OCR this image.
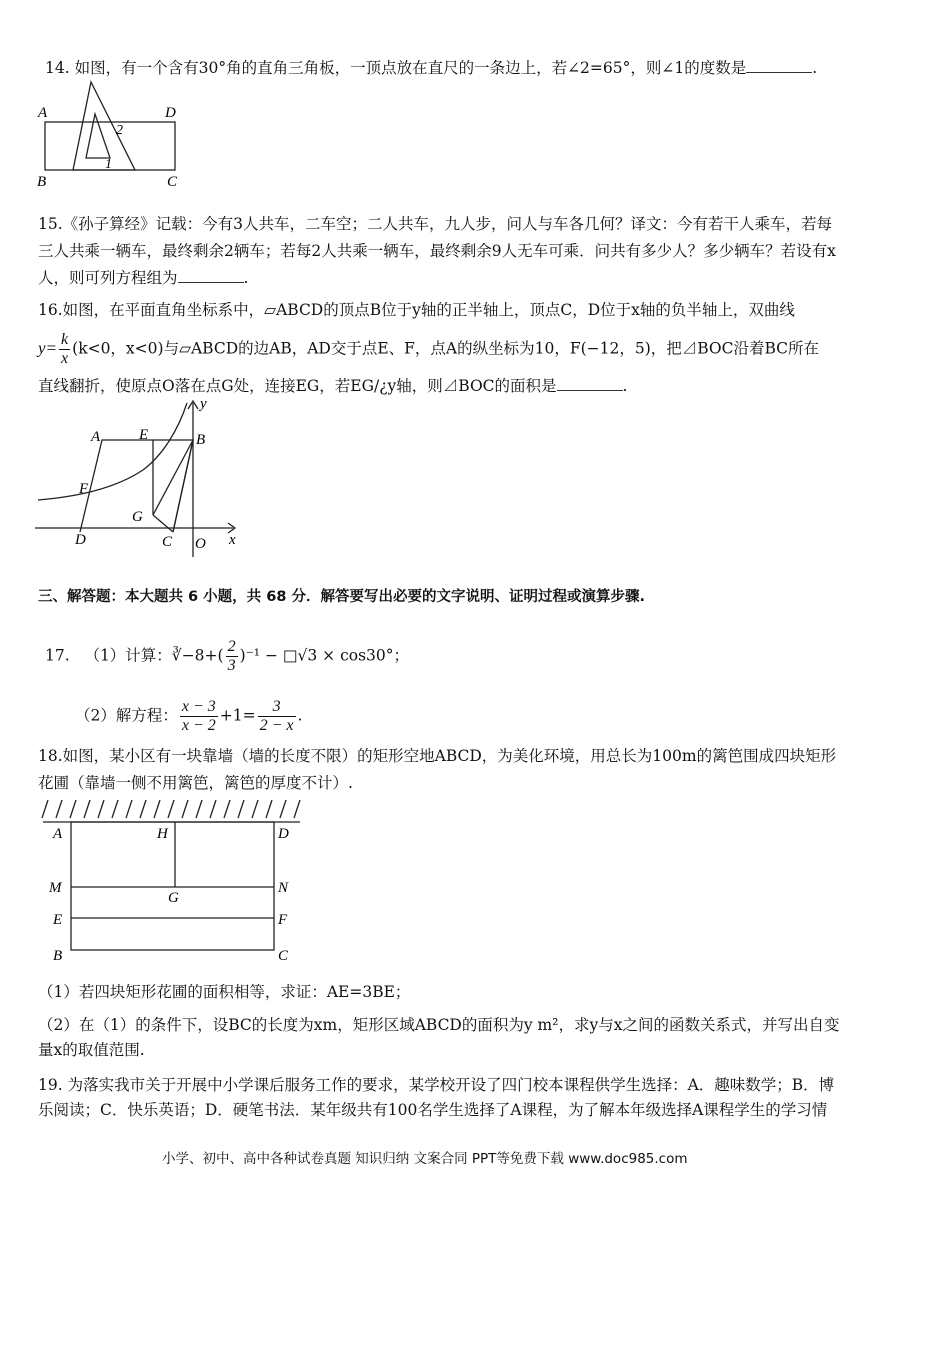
14. 如图，有一个含有30°角的直角三角板，一顶点放在直尺的一条边上，若∠2=65°，则∠1的度数是	.
A	D
B	C
2
1
15.《孙子算经》记载：今有3人共车，二车空；二人共车，九人步，问人与车各几何？译文：今有若干人乘车，若每
三人共乘一辆车，最终剩余2辆车；若每2人共乘一辆车，最终剩余9人无车可乘．问共有多少人？多少辆车？若设有x
人，则可列方程组为	.
16.如图，在平面直角坐标系中，▱ABCD的顶点B位于y轴的正半轴上，顶点C，D位于x轴的负半轴上，双曲线
$y= \frac{k}{x} (k<0$，x<0)与▱ABCD的边AB，AD交于点E、F，点A的纵坐标为10，F(−12，5)，把⊿BOC沿着BC所在
直线翻折，使原点O落在点G处，连接EG，若EG/¿y轴，则⊿BOC的面积是	.
A	E	B
F
G
D	C O x
y
三、解答题：本大题共 6 小题，共 68 分．解答要写出必要的文字说明、证明过程或演算步骤.
17. （1）计算：∛−8+( $\frac{2}{3} )^{-1}$ − □√3 × cos30°；
（2）解方程： $\frac{x - 3}{x - 2} +1= \frac{3}{2 - x}$ .
18.如图，某小区有一块靠墙（墙的长度不限）的矩形空地ABCD，为美化环境，用总长为100m的篱笆围成四块矩形
花圃（靠墙一侧不用篱笆，篱笆的厚度不计）.
A	H	D
M
G
N
E	F
B	C
（1）若四块矩形花圃的面积相等，求证：AE=3BE；
（2）在（1）的条件下，设BC的长度为xm，矩形区域ABCD的面积为y m²，求y与x之间的函数关系式，并写出自变
量x的取值范围.
19. 为落实我市关于开展中小学课后服务工作的要求，某学校开设了四门校本课程供学生选择：A．趣味数学；B．博
乐阅读；C．快乐英语；D．硬笔书法．某年级共有100名学生选择了A课程，为了解本年级选择A课程学生的学习情
小学、初中、高中各种试卷真题 知识归纳 文案合同 PPT等免费下载 www.doc985.com
